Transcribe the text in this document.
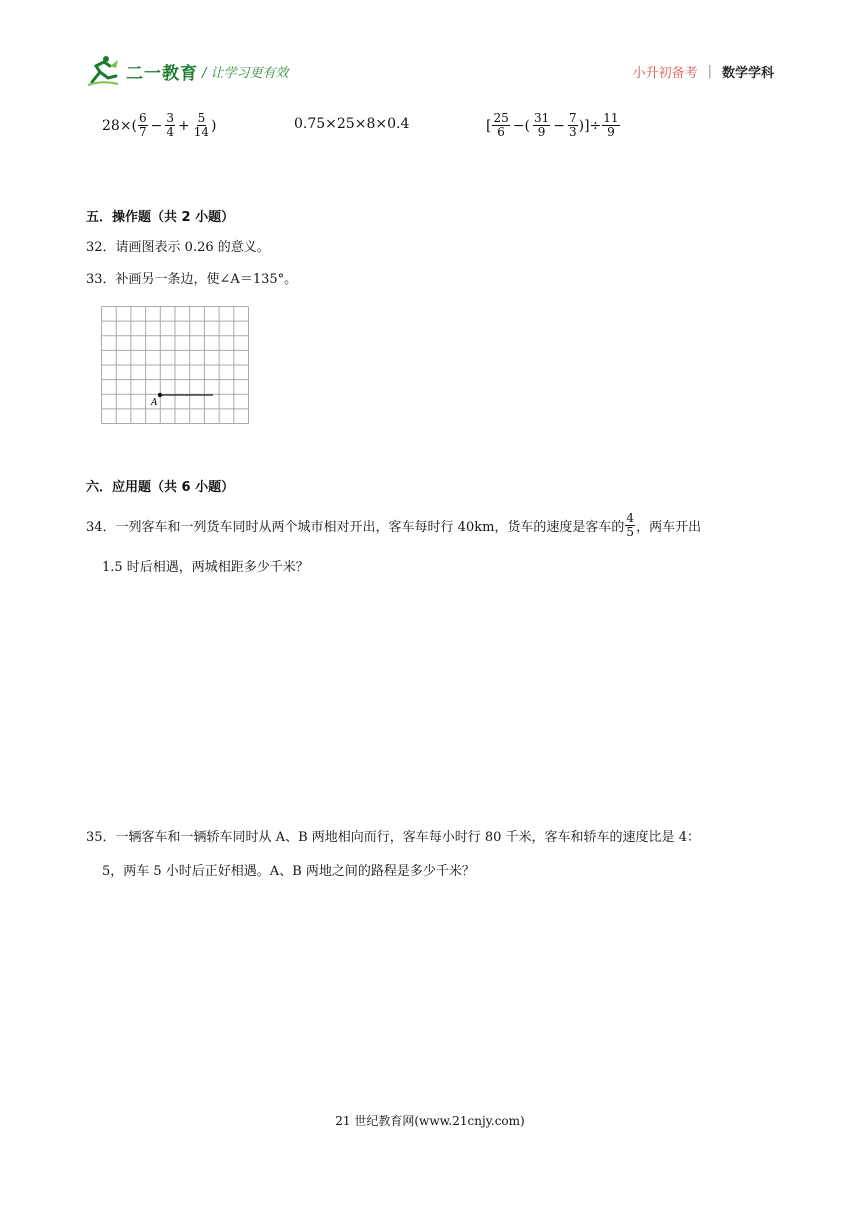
二一教育 / 让学习更有效	小升初备考 | 数学学科
$28\times( \frac{6}{7} - \frac{3}{4} + \frac{5}{14}$ )	0.75×25×8×0.4	[ $\frac{25}{6}$ −( $\frac{31}{9} - \frac{7}{3}$ )]÷ $\frac{11}{9}$
五．操作题（共 2 小题）
32．请画图表示 0.26 的意义。
33．补画另一条边，使∠A＝135°。
A
六．应用题（共 6 小题）
34．一列客车和一列货车同时从两个城市相对开出，客车每时行 40km，货车的速度是客车的 $\frac{4}{5}$ ，两车开出
1.5 时后相遇，两城相距多少千米？
35．一辆客车和一辆轿车同时从 A、B 两地相向而行，客车每小时行 80 千米，客车和轿车的速度比是 4：
5，两车 5 小时后正好相遇。A、B 两地之间的路程是多少千米？
21 世纪教育网(www.21cnjy.com)
